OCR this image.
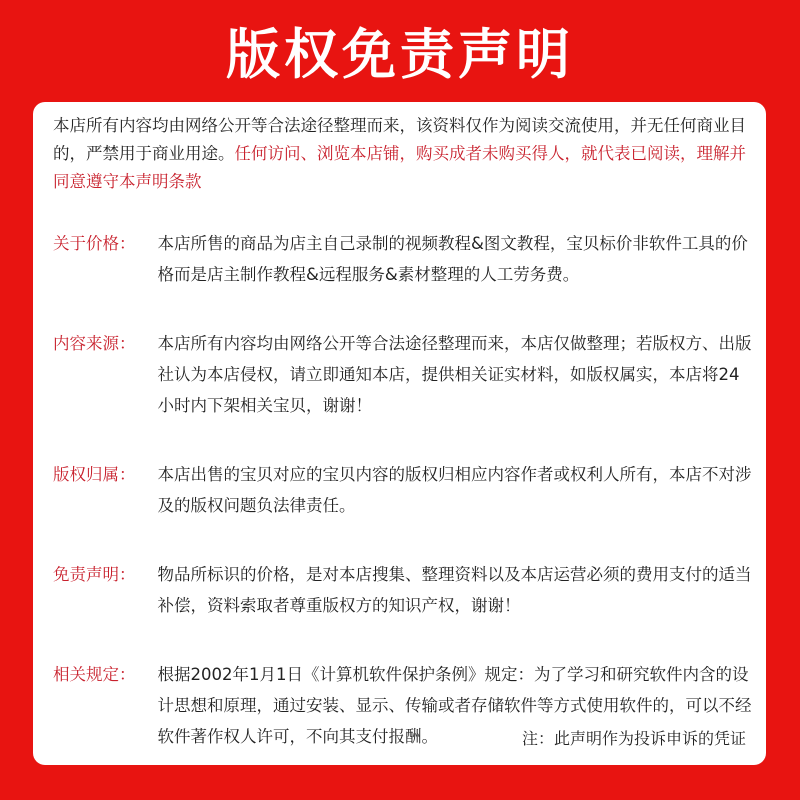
版权免责声明

本店所有内容均由网络公开等合法途径整理而来，该资料仅作为阅读交流使用，并无任何商业目的，严禁用于商业用途。任何访问、浏览本店铺，购买成者未购买得人，就代表已阅读，理解并同意遵守本声明条款

关于价格：	本店所售的商品为店主自己录制的视频教程&图文教程，宝贝标价非软件工具的价格而是店主制作教程&远程服务&素材整理的人工劳务费。
内容来源：	本店所有内容均由网络公开等合法途径整理而来，本店仅做整理；若版权方、出版社认为本店侵权，请立即通知本店，提供相关证实材料，如版权属实，本店将24小时内下架相关宝贝，谢谢！
版权归属：	本店出售的宝贝对应的宝贝内容的版权归相应内容作者或权利人所有，本店不对涉及的版权问题负法律责任。
免责声明：	物品所标识的价格，是对本店搜集、整理资料以及本店运营必须的费用支付的适当补偿，资料索取者尊重版权方的知识产权，谢谢！
相关规定：	根据2002年1月1日《计算机软件保护条例》规定：为了学习和研究软件内含的设计思想和原理，通过安装、显示、传输或者存储软件等方式使用软件的，可以不经软件著作权人许可，不向其支付报酬。	注：此声明作为投诉申诉的凭证
